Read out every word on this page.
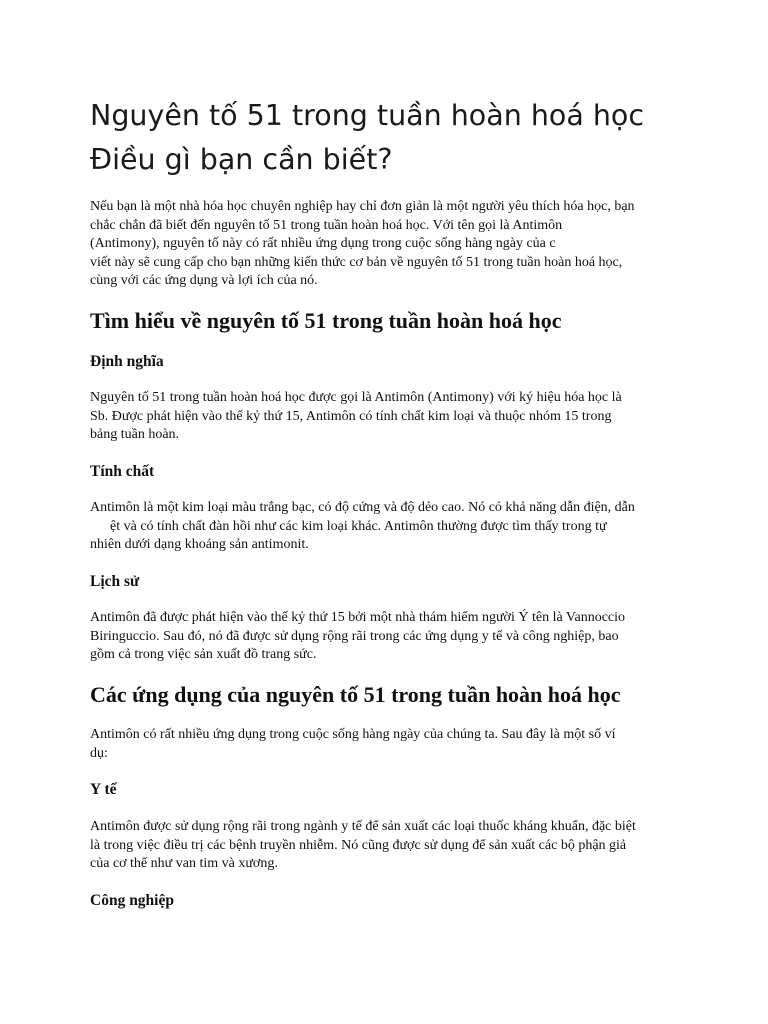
Nguyên tố 51 trong tuần hoàn hoá học
Điều gì bạn cần biết?

Nếu bạn là một nhà hóa học chuyên nghiệp hay chỉ đơn giản là một người yêu thích hóa học, bạn
chắc chắn đã biết đến nguyên tố 51 trong tuần hoàn hoá học. Với tên gọi là Antimôn
(Antimony), nguyên tố này có rất nhiều ứng dụng trong cuộc sống hàng ngày của c
viết này sẽ cung cấp cho bạn những kiến thức cơ bản về nguyên tố 51 trong tuần hoàn hoá học,
cùng với các ứng dụng và lợi ích của nó.

Tìm hiểu về nguyên tố 51 trong tuần hoàn hoá học
Định nghĩa

Nguyên tố 51 trong tuần hoàn hoá học được gọi là Antimôn (Antimony) với ký hiệu hóa học là
Sb. Được phát hiện vào thế kỷ thứ 15, Antimôn có tính chất kim loại và thuộc nhóm 15 trong
bảng tuần hoàn.

Tính chất

Antimôn là một kim loại màu trắng bạc, có độ cứng và độ dẻo cao. Nó có khả năng dẫn điện, dẫn
ệt và có tính chất đàn hồi như các kim loại khác. Antimôn thường được tìm thấy trong tự
nhiên dưới dạng khoáng sản antimonit.

Lịch sử

Antimôn đã được phát hiện vào thế kỷ thứ 15 bởi một nhà thám hiểm người Ý tên là Vannoccio
Biringuccio. Sau đó, nó đã được sử dụng rộng rãi trong các ứng dụng y tế và công nghiệp, bao
gồm cả trong việc sản xuất đồ trang sức.

Các ứng dụng của nguyên tố 51 trong tuần hoàn hoá học

Antimôn có rất nhiều ứng dụng trong cuộc sống hàng ngày của chúng ta. Sau đây là một số ví
dụ:

Y tế

Antimôn được sử dụng rộng rãi trong ngành y tế để sản xuất các loại thuốc kháng khuẩn, đặc biệt
là trong việc điều trị các bệnh truyền nhiễm. Nó cũng được sử dụng để sản xuất các bộ phận giả
của cơ thể như van tim và xương.

Công nghiệp
